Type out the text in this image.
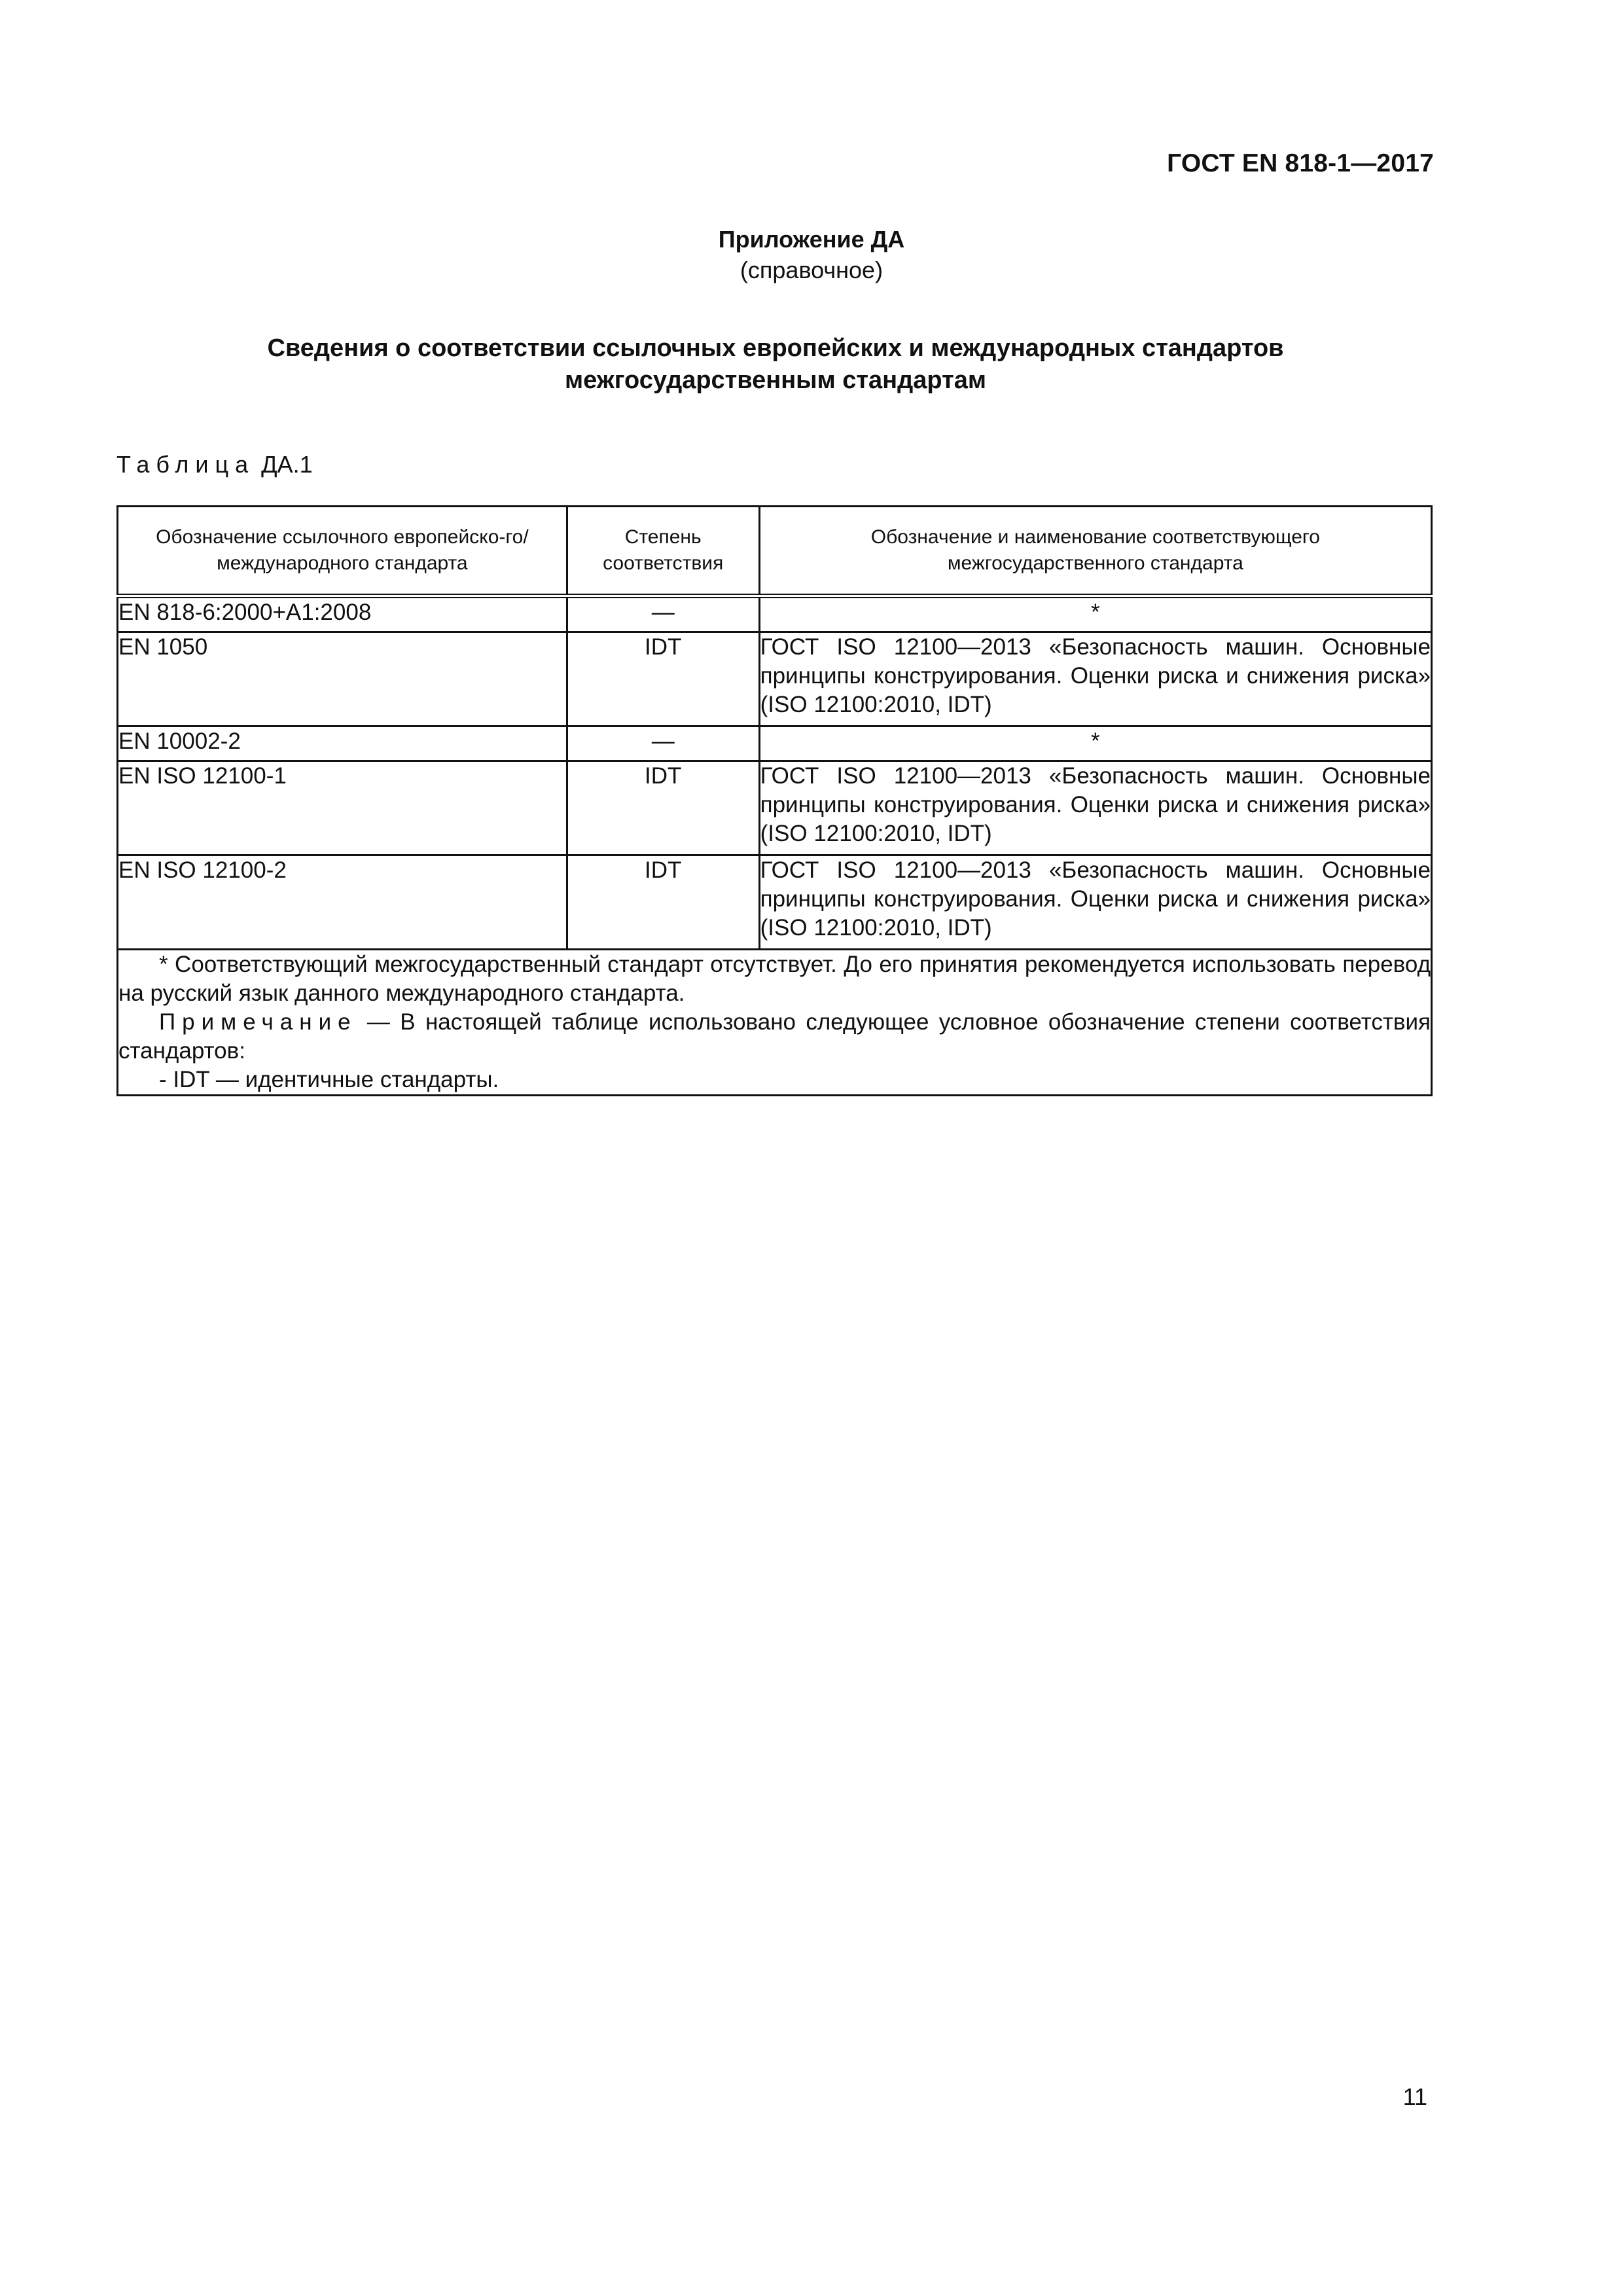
ГОСТ EN 818-1—2017
Приложение ДА
(справочное)
Сведения о соответствии ссылочных европейских и международных стандартов
межгосударственным стандартам
Таблица ДА.1
Обозначение ссылочного европейско-го/международного стандарта	Степень соответствия	Обозначение и наименование соответствующего межгосударственного стандарта

EN 818-6:2000+A1:2008	—	*
EN 1050	IDT	ГОСТ ISO 12100—2013 «Безопасность машин. Основные принципы конструирования. Оценки риска и снижения риска» (ISO 12100:2010, IDT)
EN 10002-2	—	*
EN ISO 12100-1	IDT	ГОСТ ISO 12100—2013 «Безопасность машин. Основные принципы конструирования. Оценки риска и снижения риска» (ISO 12100:2010, IDT)
EN ISO 12100-2	IDT	ГОСТ ISO 12100—2013 «Безопасность машин. Основные принципы конструирования. Оценки риска и снижения риска» (ISO 12100:2010, IDT)

* Соответствующий межгосударственный стандарт отсутствует. До его принятия рекомендуется использовать перевод на русский язык данного международного стандарта.
Примечание — В настоящей таблице использовано следующее условное обозначение степени соответствия стандартов:
- IDT — идентичные стандарты.		
11
